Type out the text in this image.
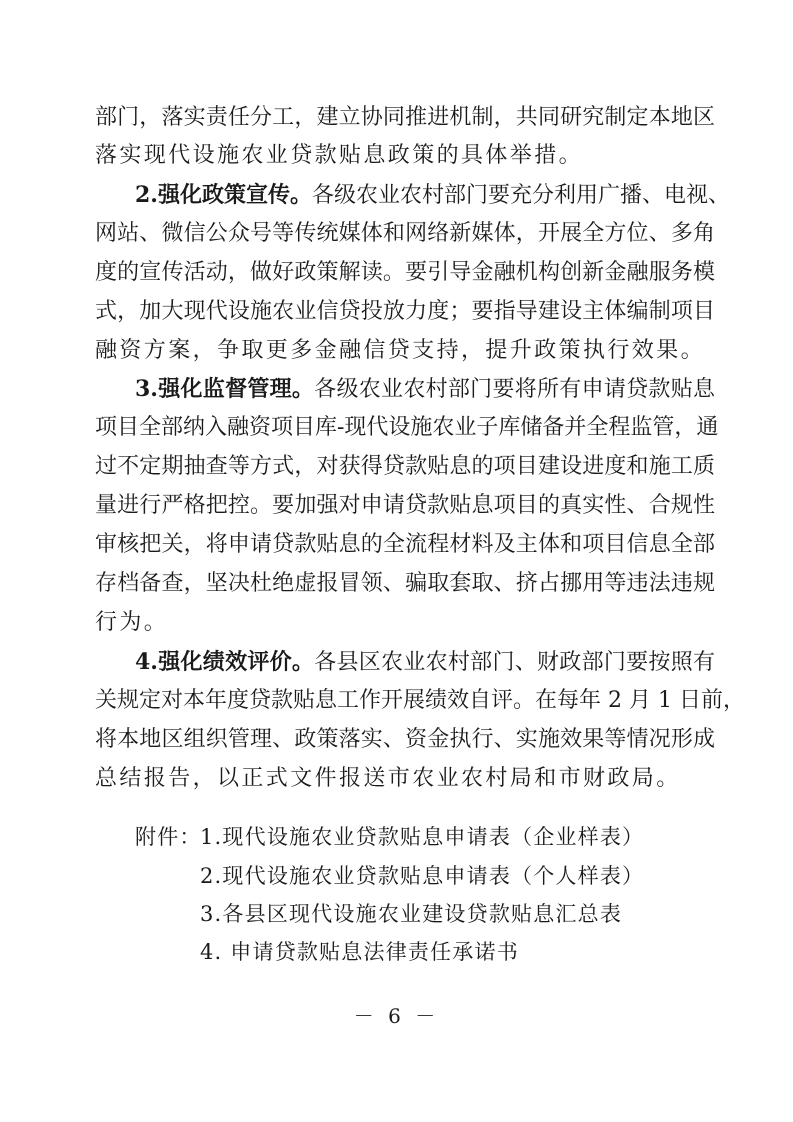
部门，落实责任分工，建立协同推进机制，共同研究制定本地区
落实现代设施农业贷款贴息政策的具体举措。
2.强化政策宣传。各级农业农村部门要充分利用广播、电视、
网站、微信公众号等传统媒体和网络新媒体，开展全方位、多角
度的宣传活动，做好政策解读。要引导金融机构创新金融服务模
式，加大现代设施农业信贷投放力度；要指导建设主体编制项目
融资方案，争取更多金融信贷支持，提升政策执行效果。
3.强化监督管理。各级农业农村部门要将所有申请贷款贴息
项目全部纳入融资项目库-现代设施农业子库储备并全程监管，通
过不定期抽查等方式，对获得贷款贴息的项目建设进度和施工质
量进行严格把控。要加强对申请贷款贴息项目的真实性、合规性
审核把关，将申请贷款贴息的全流程材料及主体和项目信息全部
存档备查，坚决杜绝虚报冒领、骗取套取、挤占挪用等违法违规
行为。
4.强化绩效评价。各县区农业农村部门、财政部门要按照有
关规定对本年度贷款贴息工作开展绩效自评。在每年 2 月 1 日前，
将本地区组织管理、政策落实、资金执行、实施效果等情况形成
总结报告，以正式文件报送市农业农村局和市财政局。
附件：
1.现代设施农业贷款贴息申请表（企业样表）
2.现代设施农业贷款贴息申请表（个人样表）
3.各县区现代设施农业建设贷款贴息汇总表
4. 申请贷款贴息法律责任承诺书
－ 6 －
